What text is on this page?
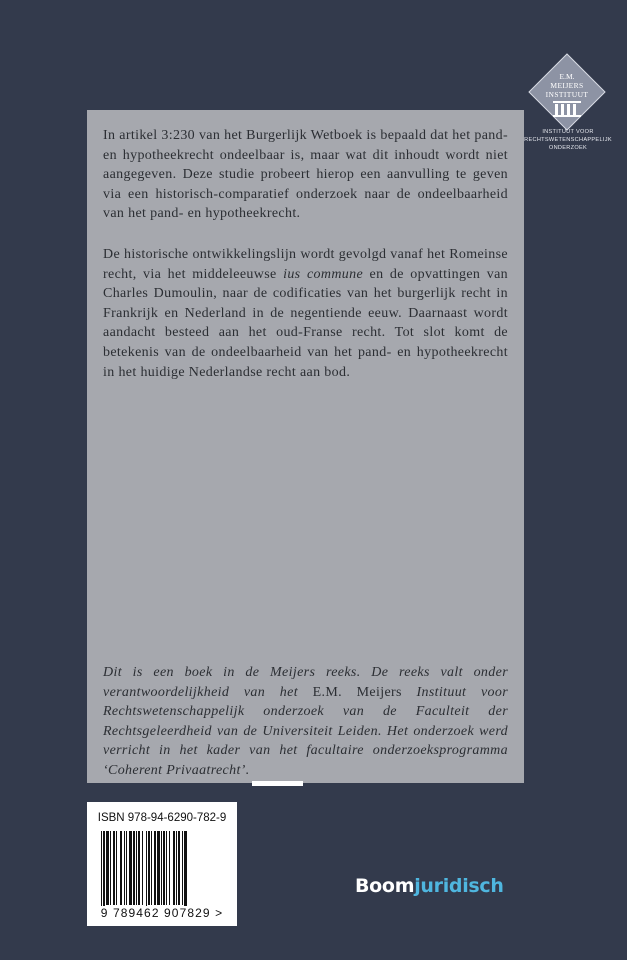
In artikel 3:230 van het Burgerlijk Wetboek is bepaald dat het pand- en hypotheekrecht ondeelbaar is, maar wat dit inhoudt wordt niet aangegeven. Deze studie probeert hierop een aanvulling te geven via een historisch-comparatief onderzoek naar de ondeelbaarheid van het pand- en hypotheekrecht.
De historische ontwikkelingslijn wordt gevolgd vanaf het Romeinse recht, via het middeleeuwse ius commune en de opvattingen van Charles Dumoulin, naar de codificaties van het burgerlijk recht in Frankrijk en Nederland in de negentiende eeuw. Daarnaast wordt aandacht besteed aan het oud-Franse recht. Tot slot komt de betekenis van de ondeelbaarheid van het pand- en hypotheekrecht in het huidige Nederlandse recht aan bod.
Dit is een boek in de Meijers reeks. De reeks valt onder verantwoordelijkheid van het E.M. Meijers Instituut voor Rechtswetenschappelijk onderzoek van de Faculteit der Rechtsgeleerdheid van de Universiteit Leiden. Het onderzoek werd verricht in het kader van het facultaire onderzoeksprogramma ‘Coherent Privaatrecht’.
E.M.
MEIJERS
INSTITUUT
INSTITUUT VOOR
RECHTSWETENSCHAPPELIJK
ONDERZOEK
ISBN 978-94-6290-782-9
9 789462 907829 >
Boomjuridisch
